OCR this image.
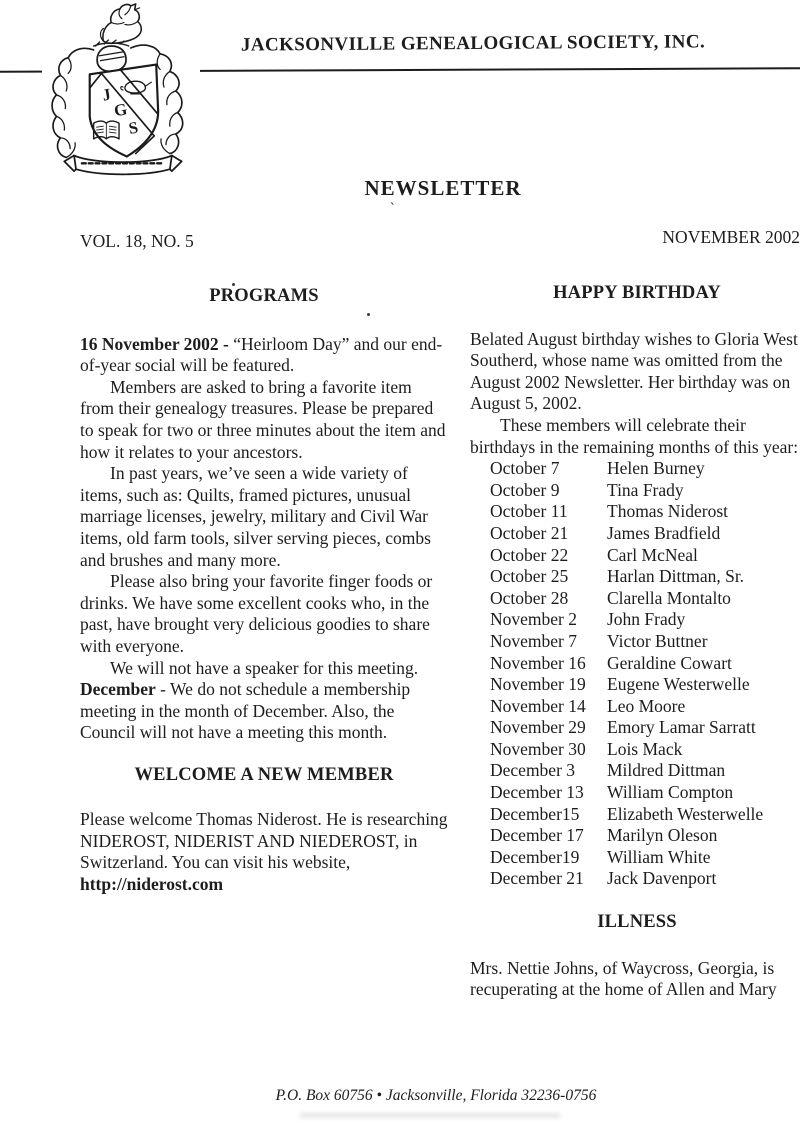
JACKSONVILLE GENEALOGICAL SOCIETY, INC.
J
G
S
NEWSLETTER
`
VOL. 18, NO. 5	NOVEMBER 2002
PROGRAMS

16 November 2002 - “Heirloom Day” and our end-of-year social will be featured.

Members are asked to bring a favorite item from their genealogy treasures. Please be prepared to speak for two or three minutes about the item and how it relates to your ancestors.

In past years, we’ve seen a wide variety of items, such as: Quilts, framed pictures, unusual marriage licenses, jewelry, military and Civil War items, old farm tools, silver serving pieces, combs and brushes and many more.

Please also bring your favorite finger foods or drinks. We have some excellent cooks who, in the past, have brought very delicious goodies to share with everyone.

We will not have a speaker for this meeting.

December - We do not schedule a membership meeting in the month of December. Also, the Council will not have a meeting this month.

WELCOME A NEW MEMBER

Please welcome Thomas Niderost. He is researching NIDEROST, NIDERIST AND NIEDEROST, in Switzerland. You can visit his website, http://niderost.com

HAPPY BIRTHDAY

Belated August birthday wishes to Gloria West Southerd, whose name was omitted from the August 2002 Newsletter. Her birthday was on August 5, 2002.

These members will celebrate their birthdays in the remaining months of this year:

October 7	Helen Burney
October 9	Tina Frady
October 11	Thomas Niderost
October 21	James Bradfield
October 22	Carl McNeal
October 25	Harlan Dittman, Sr.
October 28	Clarella Montalto
November 2	John Frady
November 7	Victor Buttner
November 16	Geraldine Cowart
November 19	Eugene Westerwelle
November 14	Leo Moore
November 29	Emory Lamar Sarratt
November 30	Lois Mack
December 3	Mildred Dittman
December 13	William Compton
December15	Elizabeth Westerwelle
December 17	Marilyn Oleson
December19	William White
December 21	Jack Davenport
ILLNESS

Mrs. Nettie Johns, of Waycross, Georgia, is recuperating at the home of Allen and Mary

P.O. Box 60756 • Jacksonville, Florida 32236-0756
